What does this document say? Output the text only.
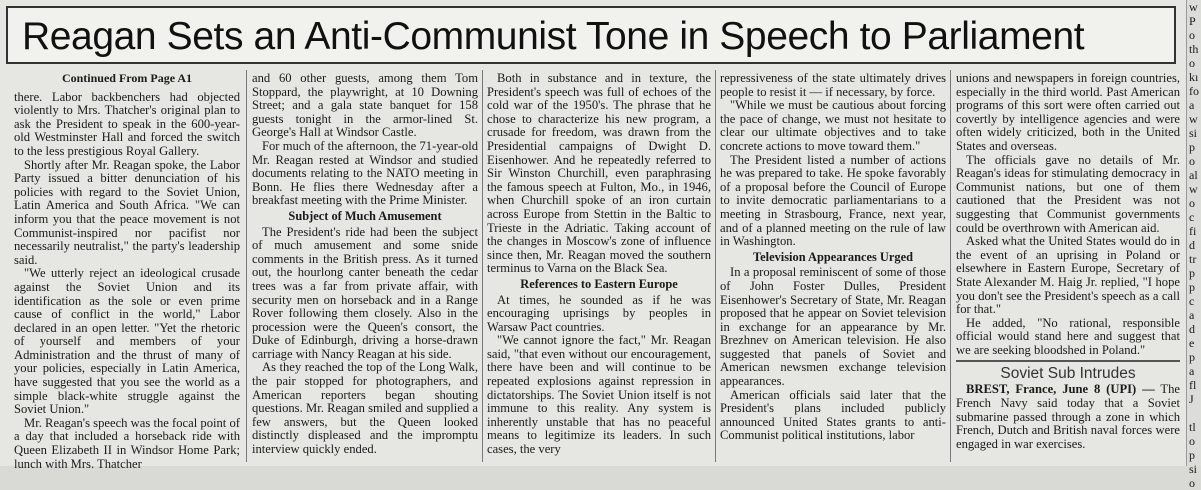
Reagan Sets an Anti-Communist Tone in Speech to Parliament
Continued From Page A1

there. Labor backbenchers had objected violently to Mrs. Thatcher's original plan to ask the President to speak in the 600-year-old Westminster Hall and forced the switch to the less prestigious Royal Gallery.

Shortly after Mr. Reagan spoke, the Labor Party issued a bitter denunciation of his policies with regard to the Soviet Union, Latin America and South Africa. "We can inform you that the peace movement is not Communist-inspired nor pacifist nor necessarily neutralist," the party's leadership said.

"We utterly reject an ideological crusade against the Soviet Union and its identification as the sole or even prime cause of conflict in the world," Labor declared in an open letter. "Yet the rhetoric of yourself and members of your Administration and the thrust of many of your policies, especially in Latin America, have suggested that you see the world as a simple black-white struggle against the Soviet Union."

Mr. Reagan's speech was the focal point of a day that included a horseback ride with Queen Elizabeth II in Windsor Home Park; lunch with Mrs. Thatcher

and 60 other guests, among them Tom Stoppard, the playwright, at 10 Downing Street; and a gala state banquet for 158 guests tonight in the armor-lined St. George's Hall at Windsor Castle.

For much of the afternoon, the 71-year-old Mr. Reagan rested at Windsor and studied documents relating to the NATO meeting in Bonn. He flies there Wednesday after a breakfast meeting with the Prime Minister.

Subject of Much Amusement

The President's ride had been the subject of much amusement and some snide comments in the British press. As it turned out, the hourlong canter beneath the cedar trees was a far from private affair, with security men on horseback and in a Range Rover following them closely. Also in the procession were the Queen's consort, the Duke of Edinburgh, driving a horse-drawn carriage with Nancy Reagan at his side.

As they reached the top of the Long Walk, the pair stopped for photographers, and American reporters began shouting questions. Mr. Reagan smiled and supplied a few answers, but the Queen looked distinctly displeased and the impromptu interview quickly ended.

Both in substance and in texture, the President's speech was full of echoes of the cold war of the 1950's. The phrase that he chose to characterize his new program, a crusade for freedom, was drawn from the Presidential campaigns of Dwight D. Eisenhower. And he repeatedly referred to Sir Winston Churchill, even paraphrasing the famous speech at Fulton, Mo., in 1946, when Churchill spoke of an iron curtain across Europe from Stettin in the Baltic to Trieste in the Adriatic. Taking account of the changes in Moscow's zone of influence since then, Mr. Reagan moved the southern terminus to Varna on the Black Sea.

References to Eastern Europe

At times, he sounded as if he was encouraging uprisings by peoples in Warsaw Pact countries.

"We cannot ignore the fact," Mr. Reagan said, "that even without our encouragement, there have been and will continue to be repeated explosions against repression in dictatorships. The Soviet Union itself is not immune to this reality. Any system is inherently unstable that has no peaceful means to legitimize its leaders. In such cases, the very

repressiveness of the state ultimately drives people to resist it — if necessary, by force.

"While we must be cautious about forcing the pace of change, we must not hesitate to clear our ultimate objectives and to take concrete actions to move toward them."

The President listed a number of actions he was prepared to take. He spoke favorably of a proposal before the Council of Europe to invite democratic parliamentarians to a meeting in Strasbourg, France, next year, and of a planned meeting on the rule of law in Washington.

Television Appearances Urged

In a proposal reminiscent of some of those of John Foster Dulles, President Eisenhower's Secretary of State, Mr. Reagan proposed that he appear on Soviet television in exchange for an appearance by Mr. Brezhnev on American television. He also suggested that panels of Soviet and American newsmen exchange television appearances.

American officials said later that the President's plans included publicly announced United States grants to anti-Communist political institutions, labor

unions and newspapers in foreign countries, especially in the third world. Past American programs of this sort were often carried out covertly by intelligence agencies and were often widely criticized, both in the United States and overseas.

The officials gave no details of Mr. Reagan's ideas for stimulating democracy in Communist nations, but one of them cautioned that the President was not suggesting that Communist governments could be overthrown with American aid.

Asked what the United States would do in the event of an uprising in Poland or elsewhere in Eastern Europe, Secretary of State Alexander M. Haig Jr. replied, "I hope you don't see the President's speech as a call for that."

He added, "No rational, responsible official would stand here and suggest that we are seeking bloodshed in Poland."

Soviet Sub Intrudes

BREST, France, June 8 (UPI) — The French Navy said today that a Soviet submarine passed through a zone in which French, Dutch and British naval forces were engaged in war exercises.

w
P
o
th
o
kı
fo
a
w
si
p
o
al
w
o
c
fi
d
tr
p
p
c
a
d
e
p
a
fl
J

tl
o
p
si
o
